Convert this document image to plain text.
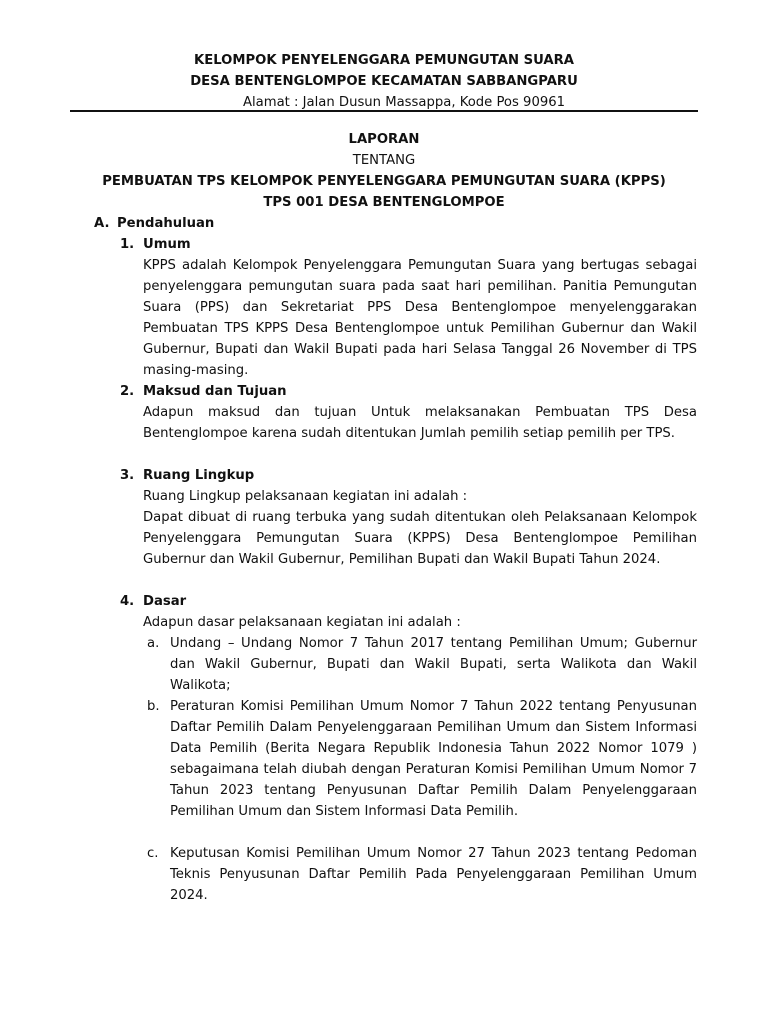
KELOMPOK PENYELENGGARA PEMUNGUTAN SUARA
DESA BENTENGLOMPOE KECAMATAN SABBANGPARU
Alamat : Jalan Dusun Massappa, Kode Pos 90961
LAPORAN
TENTANG
PEMBUATAN TPS KELOMPOK PENYELENGGARA PEMUNGUTAN SUARA (KPPS)
TPS 001 DESA BENTENGLOMPOE
A. Pendahuluan
1. Umum
KPPS adalah Kelompok Penyelenggara Pemungutan Suara yang bertugas sebagai penyelenggara pemungutan suara pada saat hari pemilihan. Panitia Pemungutan Suara (PPS) dan Sekretariat PPS Desa Bentenglompoe menyelenggarakan Pembuatan TPS KPPS Desa Bentenglompoe untuk Pemilihan Gubernur dan Wakil Gubernur, Bupati dan Wakil Bupati pada hari Selasa Tanggal 26 November di TPS masing-masing.
2. Maksud dan Tujuan
Adapun maksud dan tujuan Untuk melaksanakan Pembuatan TPS Desa Bentenglompoe karena sudah ditentukan Jumlah pemilih setiap pemilih per TPS.
3. Ruang Lingkup
Ruang Lingkup pelaksanaan kegiatan ini adalah :
Dapat dibuat di ruang terbuka yang sudah ditentukan oleh Pelaksanaan Kelompok Penyelenggara Pemungutan Suara (KPPS) Desa Bentenglompoe Pemilihan Gubernur dan Wakil Gubernur, Pemilihan Bupati dan Wakil Bupati Tahun 2024.
4. Dasar
Adapun dasar pelaksanaan kegiatan ini adalah :
a. Undang – Undang Nomor 7 Tahun 2017 tentang Pemilihan Umum; Gubernur dan Wakil Gubernur, Bupati dan Wakil Bupati, serta Walikota dan Wakil Walikota;
b. Peraturan Komisi Pemilihan Umum Nomor 7 Tahun 2022 tentang Penyusunan Daftar Pemilih Dalam Penyelenggaraan Pemilihan Umum dan Sistem Informasi Data Pemilih (Berita Negara Republik Indonesia Tahun 2022 Nomor 1079 ) sebagaimana telah diubah dengan Peraturan Komisi Pemilihan Umum Nomor 7 Tahun 2023 tentang Penyusunan Daftar Pemilih Dalam Penyelenggaraan Pemilihan Umum dan Sistem Informasi Data Pemilih.
c. Keputusan Komisi Pemilihan Umum Nomor 27 Tahun 2023 tentang Pedoman Teknis Penyusunan Daftar Pemilih Pada Penyelenggaraan Pemilihan Umum 2024.
